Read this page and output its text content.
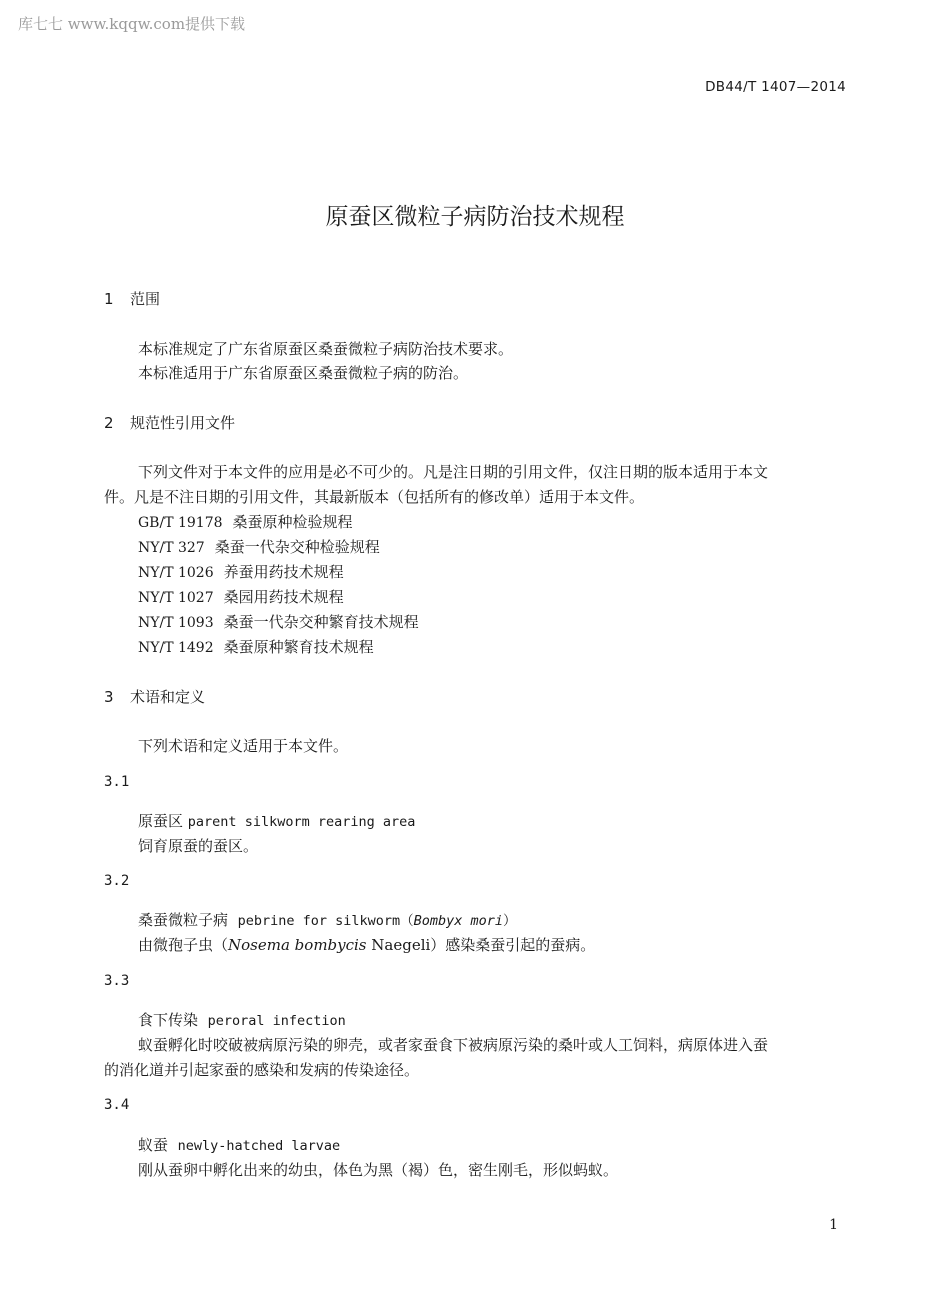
库七七 www.kqqw.com提供下载
DB44/T 1407—2014
原蚕区微粒子病防治技术规程
1 范围
本标准规定了广东省原蚕区桑蚕微粒子病防治技术要求。
本标准适用于广东省原蚕区桑蚕微粒子病的防治。
2 规范性引用文件
下列文件对于本文件的应用是必不可少的。凡是注日期的引用文件，仅注日期的版本适用于本文
件。凡是不注日期的引用文件，其最新版本（包括所有的修改单）适用于本文件。
GB/T 19178 桑蚕原种检验规程
NY/T 327 桑蚕一代杂交种检验规程
NY/T 1026 养蚕用药技术规程
NY/T 1027 桑园用药技术规程
NY/T 1093 桑蚕一代杂交种繁育技术规程
NY/T 1492 桑蚕原种繁育技术规程
3 术语和定义
下列术语和定义适用于本文件。
3.1
原蚕区 parent silkworm rearing area
饲育原蚕的蚕区。
3.2
桑蚕微粒子病 pebrine for silkworm（Bombyx mori）
由微孢子虫（Nosema bombycis Naegeli）感染桑蚕引起的蚕病。
3.3
食下传染 peroral infection
蚁蚕孵化时咬破被病原污染的卵壳，或者家蚕食下被病原污染的桑叶或人工饲料，病原体进入蚕
的消化道并引起家蚕的感染和发病的传染途径。
3.4
蚁蚕 newly-hatched larvae
刚从蚕卵中孵化出来的幼虫，体色为黑（褐）色，密生刚毛，形似蚂蚁。
1
